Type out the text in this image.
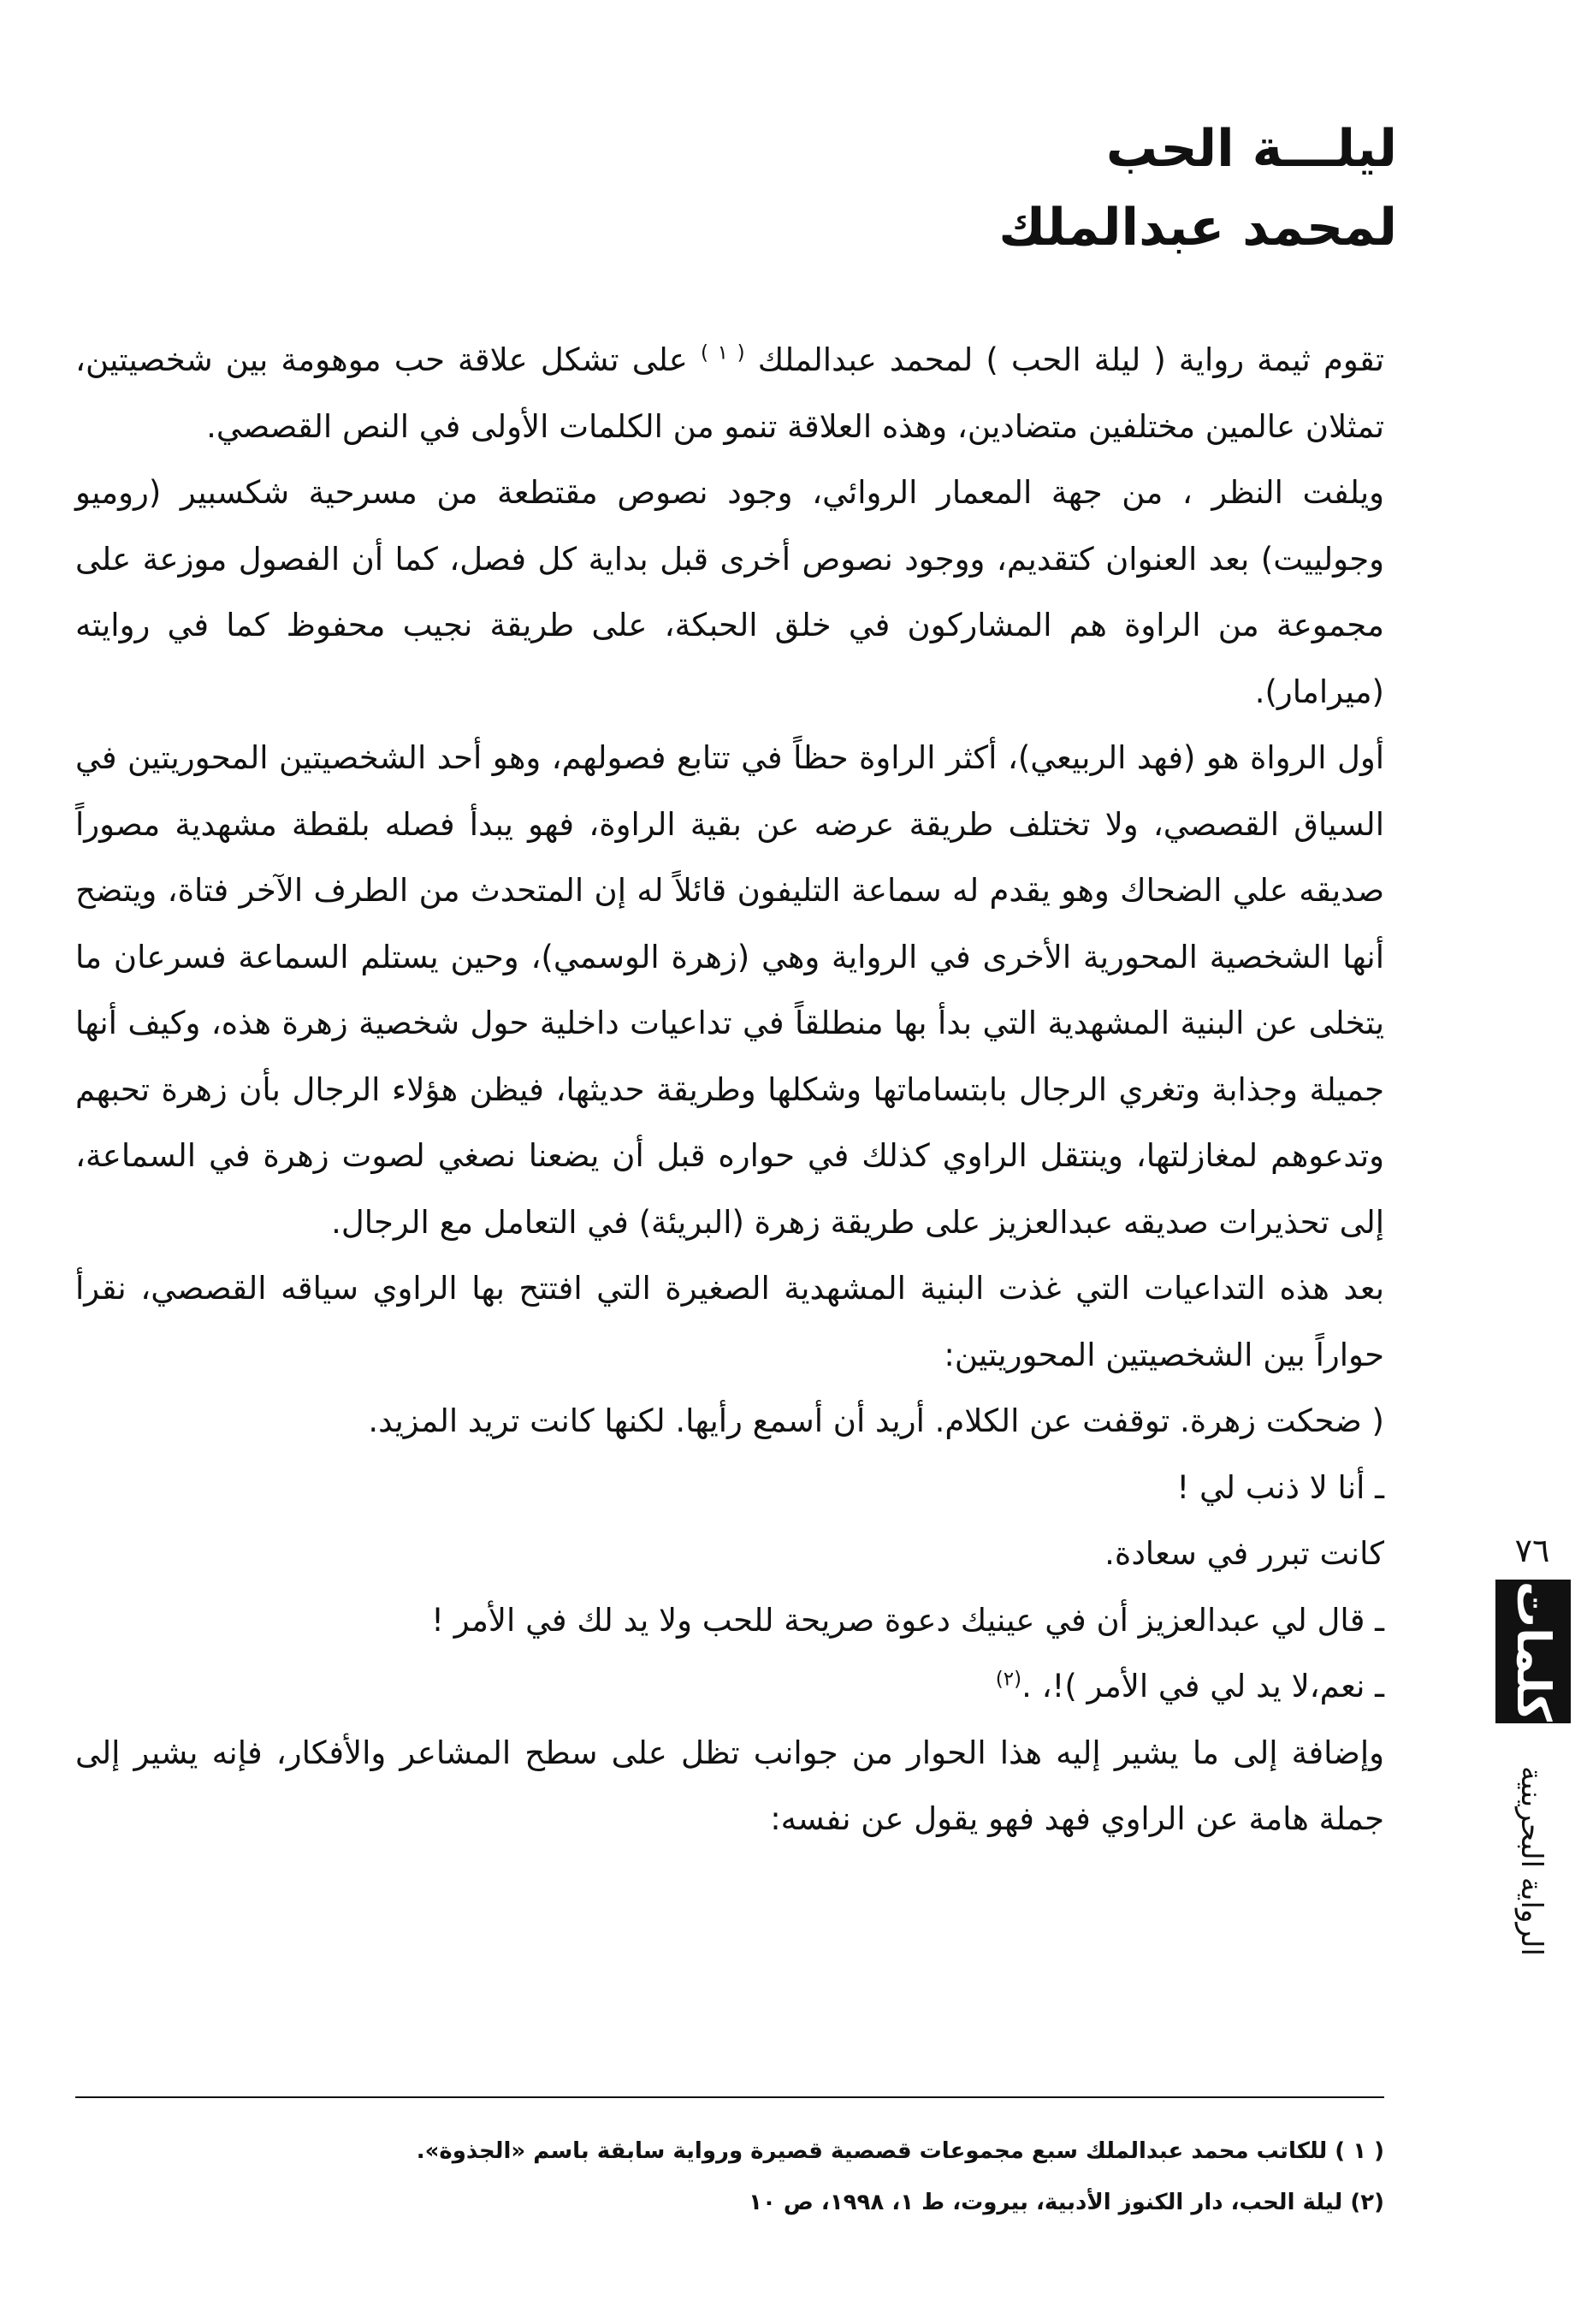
ليلـــة الحب

لمحمد عبدالملك

تقوم ثيمة رواية ( ليلة الحب ) لمحمد عبدالملك $^{( ١ )}$ على تشكل علاقة حب موهومة بين شخصيتين، تمثلان عالمين مختلفين متضادين، وهذه العلاقة تنمو من الكلمات الأولى في النص القصصي.

ويلفت النظر ، من جهة المعمار الروائي، وجود نصوص مقتطعة من مسرحية شكسبير (روميو وجولييت) بعد العنوان كتقديم، ووجود نصوص أخرى قبل بداية كل فصل، كما أن الفصول موزعة على مجموعة من الراوة هم المشاركون في خلق الحبكة، على طريقة نجيب محفوظ كما في روايته (ميرامار).

أول الرواة هو (فهد الربيعي)، أكثر الراوة حظاً في تتابع فصولهم، وهو أحد الشخصيتين المحوريتين في السياق القصصي، ولا تختلف طريقة عرضه عن بقية الراوة، فهو يبدأ فصله بلقطة مشهدية مصوراً صديقه علي الضحاك وهو يقدم له سماعة التليفون قائلاً له إن المتحدث من الطرف الآخر فتاة، ويتضح أنها الشخصية المحورية الأخرى في الرواية وهي (زهرة الوسمي)، وحين يستلم السماعة فسرعان ما يتخلى عن البنية المشهدية التي بدأ بها منطلقاً في تداعيات داخلية حول شخصية زهرة هذه، وكيف أنها جميلة وجذابة وتغري الرجال بابتساماتها وشكلها وطريقة حديثها، فيظن هؤلاء الرجال بأن زهرة تحبهم وتدعوهم لمغازلتها، وينتقل الراوي كذلك في حواره قبل أن يضعنا نصغي لصوت زهرة في السماعة، إلى تحذيرات صديقه عبدالعزيز على طريقة زهرة (البريئة) في التعامل مع الرجال.

بعد هذه التداعيات التي غذت البنية المشهدية الصغيرة التي افتتح بها الراوي سياقه القصصي، نقرأ حواراً بين الشخصيتين المحوريتين:

( ضحكت زهرة. توقفت عن الكلام. أريد أن أسمع رأيها. لكنها كانت تريد المزيد.

ـ أنا لا ذنب لي !

كانت تبرر في سعادة.

ـ قال لي عبدالعزيز أن في عينيك دعوة صريحة للحب ولا يد لك في الأمر !

ـ نعم،لا يد لي في الأمر )!، .$^{(٢)}$

وإضافة إلى ما يشير إليه هذا الحوار من جوانب تظل على سطح المشاعر والأفكار، فإنه يشير إلى جملة هامة عن الراوي فهد فهو يقول عن نفسه:

( ١ ) للكاتب محمد عبدالملك سبع مجموعات قصصية قصيرة ورواية سابقة باسم «الجذوة».

(٢) ليلة الحب، دار الكنوز الأدبية، بيروت، ط ١، ١٩٩٨، ص ١٠

٧٦
كلمات
الرواية البحرينية
